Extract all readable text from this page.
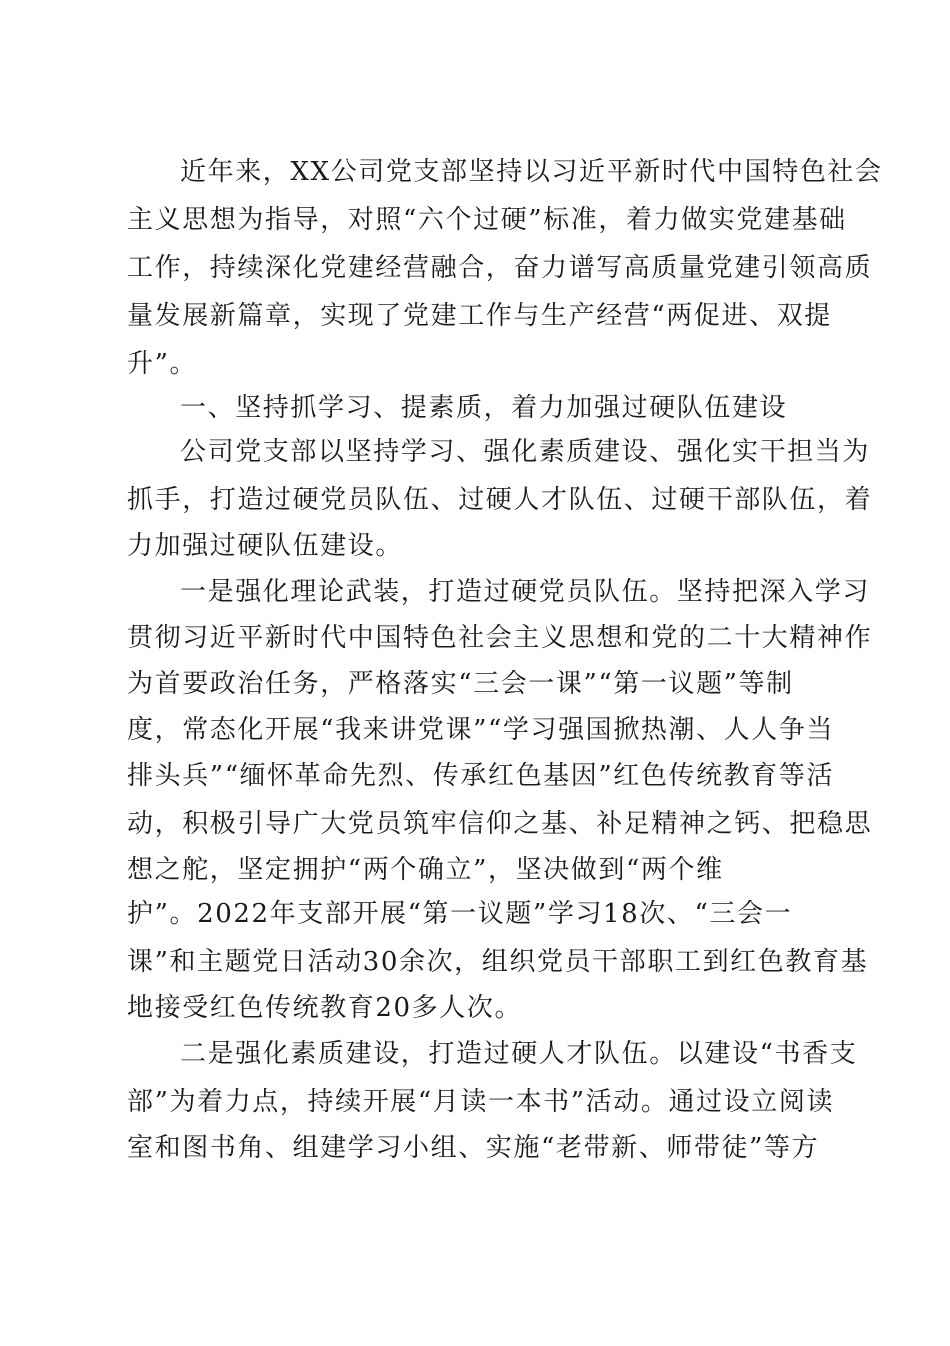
近年来，XX公司党支部坚持以习近平新时代中国特色社会
主义思想为指导，对照“六个过硬”标准，着力做实党建基础
工作，持续深化党建经营融合，奋力谱写高质量党建引领高质
量发展新篇章，实现了党建工作与生产经营“两促进、双提
升”。
一、坚持抓学习、提素质，着力加强过硬队伍建设
公司党支部以坚持学习、强化素质建设、强化实干担当为
抓手，打造过硬党员队伍、过硬人才队伍、过硬干部队伍，着
力加强过硬队伍建设。
一是强化理论武装，打造过硬党员队伍。坚持把深入学习
贯彻习近平新时代中国特色社会主义思想和党的二十大精神作
为首要政治任务，严格落实“三会一课”“第一议题”等制
度，常态化开展“我来讲党课”“学习强国掀热潮、人人争当
排头兵”“缅怀革命先烈、传承红色基因”红色传统教育等活
动，积极引导广大党员筑牢信仰之基、补足精神之钙、把稳思
想之舵，坚定拥护“两个确立”，坚决做到“两个维
护”。2022年支部开展“第一议题”学习18次、“三会一
课”和主题党日活动30余次，组织党员干部职工到红色教育基
地接受红色传统教育20多人次。
二是强化素质建设，打造过硬人才队伍。以建设“书香支
部”为着力点，持续开展“月读一本书”活动。通过设立阅读
室和图书角、组建学习小组、实施“老带新、师带徒”等方
